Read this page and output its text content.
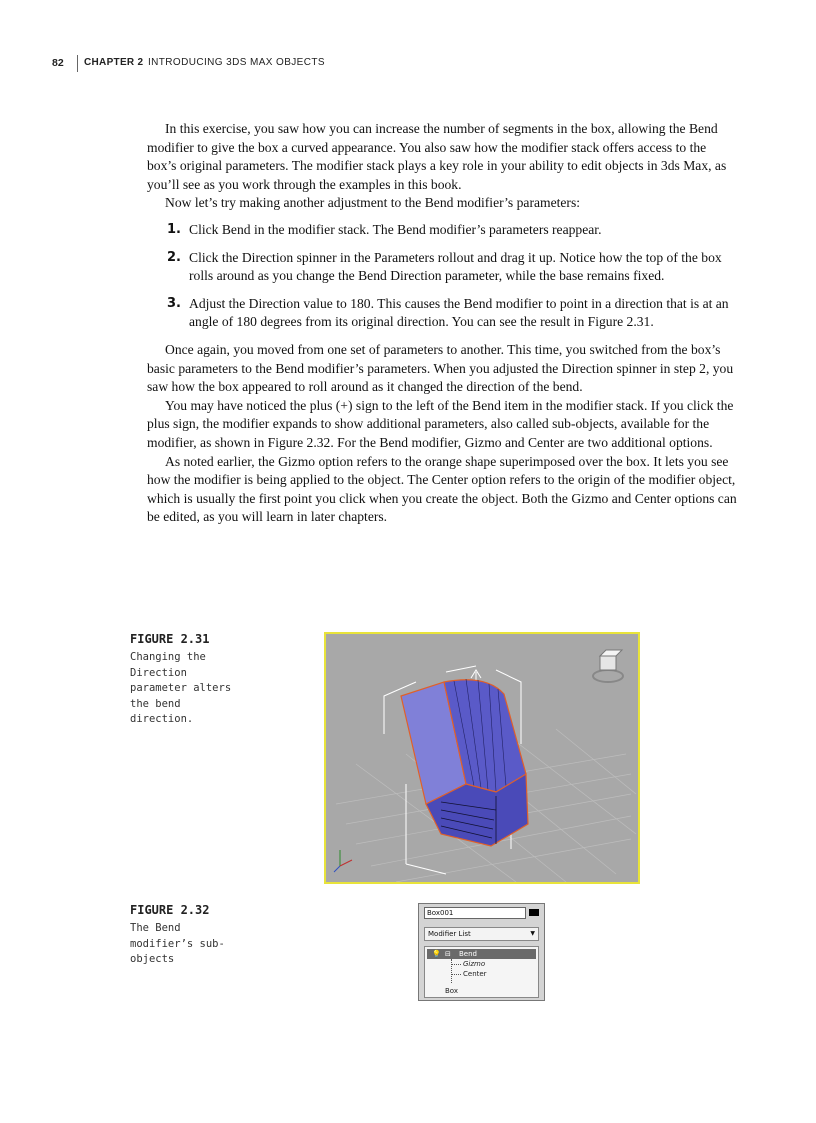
82 CHAPTER 2 INTRODUCING 3DS MAX OBJECTS

In this exercise, you saw how you can increase the number of segments in the box, allowing the Bend modifier to give the box a curved appearance. You also saw how the modifier stack offers access to the box’s original parameters. The modifier stack plays a key role in your ability to edit objects in 3ds Max, as you’ll see as you work through the examples in this book.

Now let’s try making another adjustment to the Bend modifier’s parameters:

1. Click Bend in the modifier stack. The Bend modifier’s parameters reappear.
2. Click the Direction spinner in the Parameters rollout and drag it up. Notice how the top of the box rolls around as you change the Bend Direction parameter, while the base remains fixed.
3. Adjust the Direction value to 180. This causes the Bend modifier to point in a direction that is at an angle of 180 degrees from its original direction. You can see the result in Figure 2.31.

Once again, you moved from one set of parameters to another. This time, you switched from the box’s basic parameters to the Bend modifier’s parameters. When you adjusted the Direction spinner in step 2, you saw how the box appeared to roll around as it changed the direction of the bend.

You may have noticed the plus (+) sign to the left of the Bend item in the modifier stack. If you click the plus sign, the modifier expands to show additional parameters, also called sub-objects, available for the modifier, as shown in Figure 2.32. For the Bend modifier, Gizmo and Center are two additional options.

As noted earlier, the Gizmo option refers to the orange shape superimposed over the box. It lets you see how the modifier is being applied to the object. The Center option refers to the origin of the modifier object, which is usually the first point you click when you create the object. Both the Gizmo and Center options can be edited, as you will learn in later chapters.

FIGURE 2.31
Changing the Direction parameter alters the bend direction.
FIGURE 2.32
The Bend modifier’s sub-objects
Box001
Modifier List	▼
💡 ⊟ Bend
Gizmo
Center
Box
